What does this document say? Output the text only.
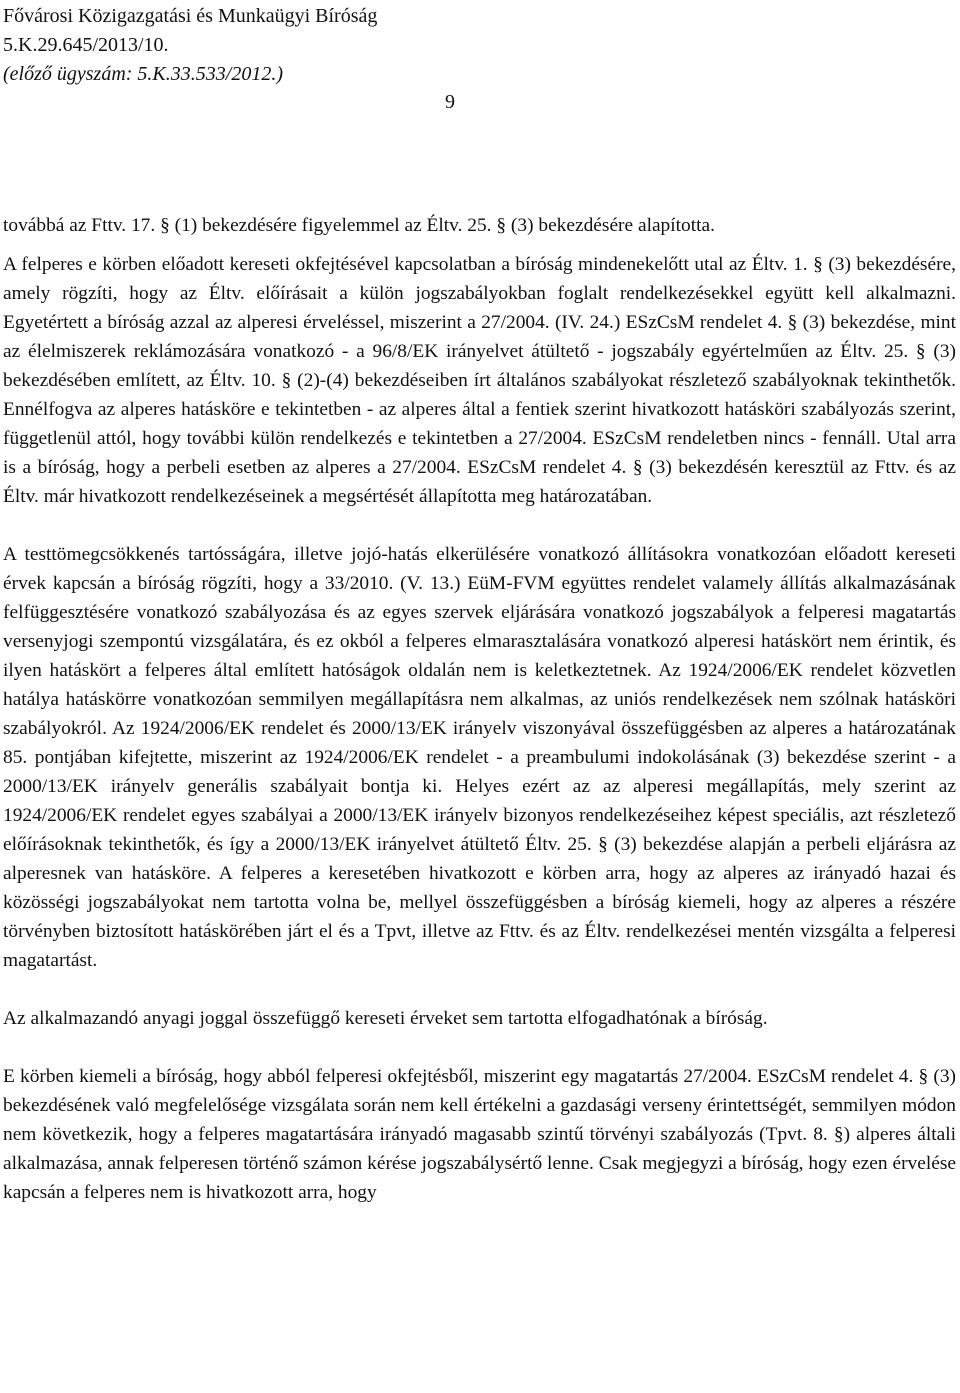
Fővárosi Közigazgatási és Munkaügyi Bíróság
5.K.29.645/2013/10.
(előző ügyszám: 5.K.33.533/2012.)
9

továbbá az Fttv. 17. § (1) bekezdésére figyelemmel az Éltv. 25. § (3) bekezdésére alapította.

A felperes e körben előadott kereseti okfejtésével kapcsolatban a bíróság mindenekelőtt utal az Éltv. 1. § (3) bekezdésére, amely rögzíti, hogy az Éltv. előírásait a külön jogszabályokban foglalt rendelkezésekkel együtt kell alkalmazni. Egyetértett a bíróság azzal az alperesi érveléssel, miszerint a 27/2004. (IV. 24.) ESzCsM rendelet 4. § (3) bekezdése, mint az élelmiszerek reklámozására vonatkozó - a 96/8/EK irányelvet átültető - jogszabály egyértelműen az Éltv. 25. § (3) bekezdésében említett, az Éltv. 10. § (2)-(4) bekezdéseiben írt általános szabályokat részletező szabályoknak tekinthetők. Ennélfogva az alperes hatásköre e tekintetben - az alperes által a fentiek szerint hivatkozott hatásköri szabályozás szerint, függetlenül attól, hogy további külön rendelkezés e tekintetben a 27/2004. ESzCsM rendeletben nincs - fennáll. Utal arra is a bíróság, hogy a perbeli esetben az alperes a 27/2004. ESzCsM rendelet 4. § (3) bekezdésén keresztül az Fttv. és az Éltv. már hivatkozott rendelkezéseinek a megsértését állapította meg határozatában.

A testtömegcsökkenés tartósságára, illetve jojó-hatás elkerülésére vonatkozó állításokra vonatkozóan előadott kereseti érvek kapcsán a bíróság rögzíti, hogy a 33/2010. (V. 13.) EüM-FVM együttes rendelet valamely állítás alkalmazásának felfüggesztésére vonatkozó szabályozása és az egyes szervek eljárására vonatkozó jogszabályok a felperesi magatartás versenyjogi szempontú vizsgálatára, és ez okból a felperes elmarasztalására vonatkozó alperesi hatáskört nem érintik, és ilyen hatáskört a felperes által említett hatóságok oldalán nem is keletkeztetnek. Az 1924/2006/EK rendelet közvetlen hatálya hatáskörre vonatkozóan semmilyen megállapításra nem alkalmas, az uniós rendelkezések nem szólnak hatásköri szabályokról. Az 1924/2006/EK rendelet és 2000/13/EK irányelv viszonyával összefüggésben az alperes a határozatának 85. pontjában kifejtette, miszerint az 1924/2006/EK rendelet - a preambulumi indokolásának (3) bekezdése szerint - a 2000/13/EK irányelv generális szabályait bontja ki. Helyes ezért az az alperesi megállapítás, mely szerint az 1924/2006/EK rendelet egyes szabályai a 2000/13/EK irányelv bizonyos rendelkezéseihez képest speciális, azt részletező előírásoknak tekinthetők, és így a 2000/13/EK irányelvet átültető Éltv. 25. § (3) bekezdése alapján a perbeli eljárásra az alperesnek van hatásköre. A felperes a keresetében hivatkozott e körben arra, hogy az alperes az irányadó hazai és közösségi jogszabályokat nem tartotta volna be, mellyel összefüggésben a bíróság kiemeli, hogy az alperes a részére törvényben biztosított hatáskörében járt el és a Tpvt, illetve az Fttv. és az Éltv. rendelkezései mentén vizsgálta a felperesi magatartást.

Az alkalmazandó anyagi joggal összefüggő kereseti érveket sem tartotta elfogadhatónak a bíróság.

E körben kiemeli a bíróság, hogy abból felperesi okfejtésből, miszerint egy magatartás 27/2004. ESzCsM rendelet 4. § (3) bekezdésének való megfelelősége vizsgálata során nem kell értékelni a gazdasági verseny érintettségét, semmilyen módon nem következik, hogy a felperes magatartására irányadó magasabb szintű törvényi szabályozás (Tpvt. 8. §) alperes általi alkalmazása, annak felperesen történő számon kérése jogszabálysértő lenne. Csak megjegyzi a bíróság, hogy ezen érvelése kapcsán a felperes nem is hivatkozott arra, hogy
